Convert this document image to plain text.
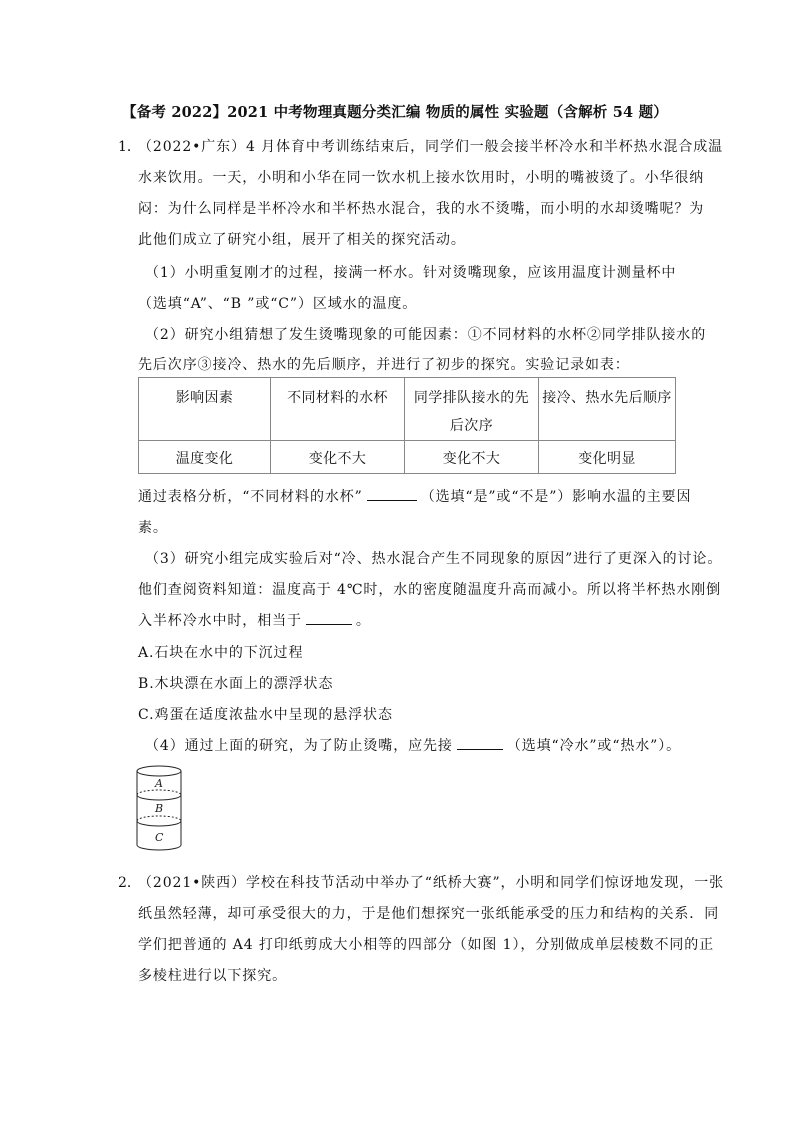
【备考 2022】2021 中考物理真题分类汇编 物质的属性 实验题（含解析 54 题）
1．
（2022•广东）4 月体育中考训练结束后，同学们一般会接半杯冷水和半杯热水混合成温
水来饮用。一天，小明和小华在同一饮水机上接水饮用时，小明的嘴被烫了。小华很纳
闷：为什么同样是半杯冷水和半杯热水混合，我的水不烫嘴，而小明的水却烫嘴呢？为
此他们成立了研究小组，展开了相关的探究活动。
（1）小明重复刚才的过程，接满一杯水。针对烫嘴现象，应该用温度计测量杯中
（选填“A”、“B ”或“C”）区域水的温度。
（2）研究小组猜想了发生烫嘴现象的可能因素：①不同材料的水杯②同学排队接水的
先后次序③接冷、热水的先后顺序，并进行了初步的探究。实验记录如表：
影响因素	不同材料的水杯	同学排队接水的先后次序	接冷、热水先后顺序
温度变化	变化不大	变化不大	变化明显
通过表格分析，“不同材料的水杯”	（选填“是”或“不是”）影响水温的主要因
素。
（3）研究小组完成实验后对“冷、热水混合产生不同现象的原因”进行了更深入的讨论。
他们查阅资料知道：温度高于 4℃时，水的密度随温度升高而减小。所以将半杯热水刚倒
入半杯冷水中时，相当于	。
A.石块在水中的下沉过程
B.木块漂在水面上的漂浮状态
C.鸡蛋在适度浓盐水中呈现的悬浮状态
（4）通过上面的研究，为了防止烫嘴，应先接	（选填“冷水”或“热水”）。
A
B
C
2．
（2021•陕西）学校在科技节活动中举办了“纸桥大赛”，小明和同学们惊讶地发现，一张
纸虽然轻薄，却可承受很大的力，于是他们想探究一张纸能承受的压力和结构的关系．同
学们把普通的 A4 打印纸剪成大小相等的四部分（如图 1），分别做成单层棱数不同的正
多棱柱进行以下探究。
